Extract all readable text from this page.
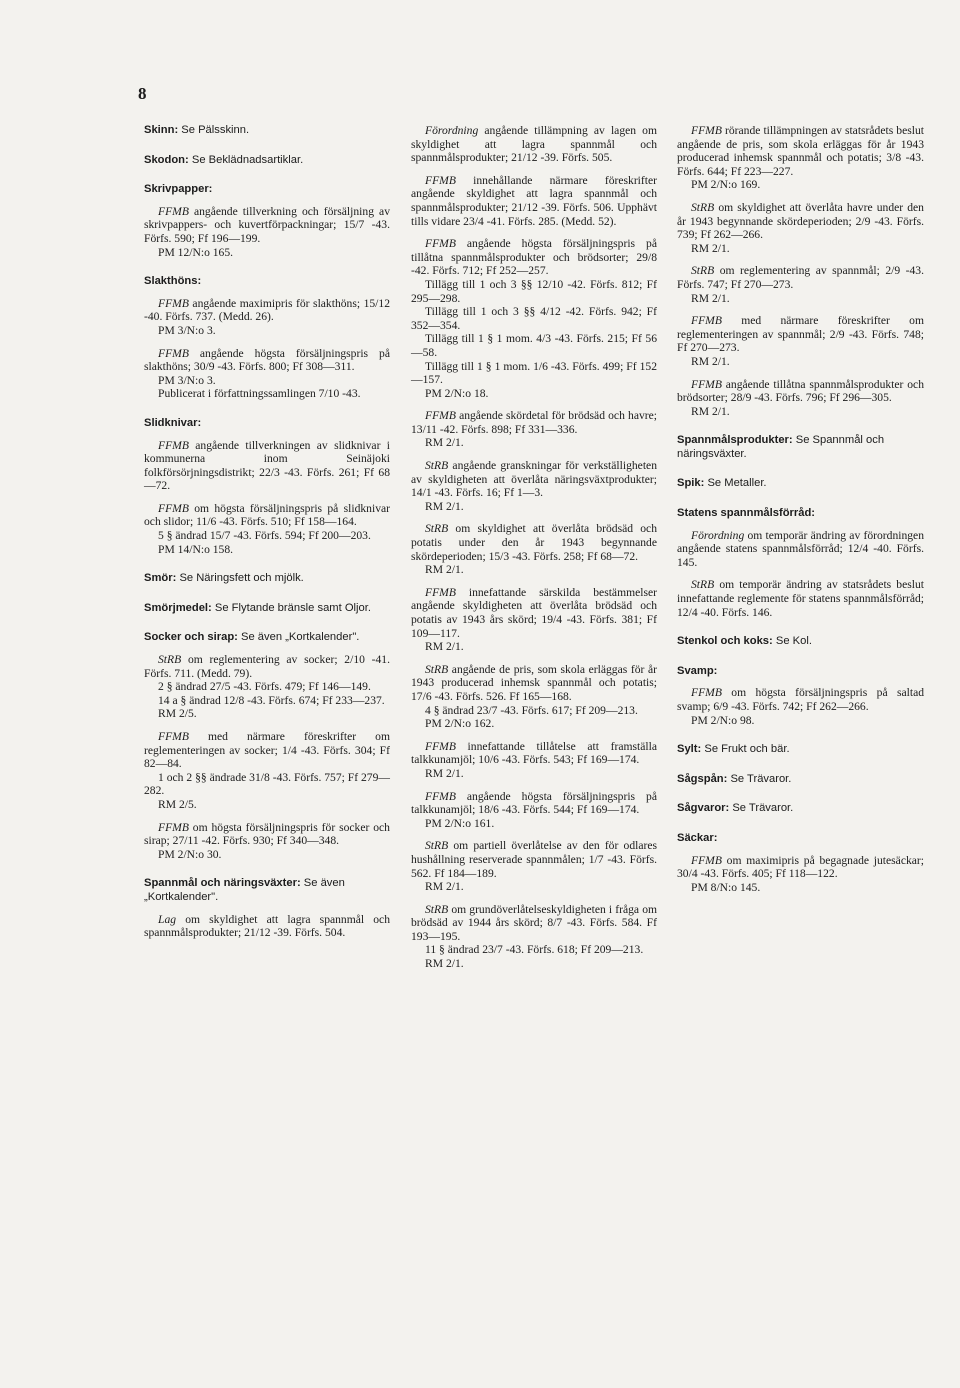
8
Skinn: Se Pälsskinn.
Skodon: Se Beklädnadsartiklar.
Skrivpapper:
FFMB angående tillverkning och försäljning av skrivpappers- och kuvertförpackningar; 15/7 -43. Förfs. 590; Ff 196—199.
PM 12/N:o 165.
Slakthöns:
FFMB angående maximipris för slakthöns; 15/12 -40. Förfs. 737. (Medd. 26).
PM 3/N:o 3.
FFMB angående högsta försäljningspris på slakthöns; 30/9 -43. Förfs. 800; Ff 308—311.
PM 3/N:o 3.
Publicerat i författningssamlingen 7/10 -43.
Slidknivar:
FFMB angående tillverkningen av slidknivar i kommunerna inom Seinäjoki folkförsörjningsdistrikt; 22/3 -43. Förfs. 261; Ff 68—72.
FFMB om högsta försäljningspris på slidknivar och slidor; 11/6 -43. Förfs. 510; Ff 158—164.
5 § ändrad 15/7 -43. Förfs. 594; Ff 200—203.
PM 14/N:o 158.
Smör: Se Näringsfett och mjölk.
Smörjmedel: Se Flytande bränsle samt Oljor.
Socker och sirap: Se även „Kortkalender".
StRB om reglementering av socker; 2/10 -41. Förfs. 711. (Medd. 79).
2 § ändrad 27/5 -43. Förfs. 479; Ff 146—149.
14 a § ändrad 12/8 -43. Förfs. 674; Ff 233—237.
RM 2/5.
FFMB med närmare föreskrifter om reglementeringen av socker; 1/4 -43. Förfs. 304; Ff 82—84.
1 och 2 §§ ändrade 31/8 -43. Förfs. 757; Ff 279—282.
RM 2/5.
FFMB om högsta försäljningspris för socker och sirap; 27/11 -42. Förfs. 930; Ff 340—348.
PM 2/N:o 30.
Spannmål och näringsväxter: Se även „Kortkalender".
Lag om skyldighet att lagra spannmål och spannmålsprodukter; 21/12 -39. Förfs. 504.
Förordning angående tillämpning av lagen om skyldighet att lagra spannmål och spannmålsprodukter; 21/12 -39. Förfs. 505.
FFMB innehållande närmare föreskrifter angående skyldighet att lagra spannmål och spannmålsprodukter; 21/12 -39. Förfs. 506. Upphävt tills vidare 23/4 -41. Förfs. 285. (Medd. 52).
FFMB angående högsta försäljningspris på tillåtna spannmålsprodukter och brödsorter; 29/8 -42. Förfs. 712; Ff 252—257.
Tillägg till 1 och 3 §§ 12/10 -42. Förfs. 812; Ff 295—298.
Tillägg till 1 och 3 §§ 4/12 -42. Förfs. 942; Ff 352—354.
Tillägg till 1 § 1 mom. 4/3 -43. Förfs. 215; Ff 56—58.
Tillägg till 1 § 1 mom. 1/6 -43. Förfs. 499; Ff 152—157.
PM 2/N:o 18.
FFMB angående skördetal för brödsäd och havre; 13/11 -42. Förfs. 898; Ff 331—336.
RM 2/1.
StRB angående granskningar för verkställigheten av skyldigheten att överlåta näringsväxtprodukter; 14/1 -43. Förfs. 16; Ff 1—3.
RM 2/1.
StRB om skyldighet att överlåta brödsäd och potatis under den år 1943 begynnande skördeperioden; 15/3 -43. Förfs. 258; Ff 68—72.
RM 2/1.
FFMB innefattande särskilda bestämmelser angående skyldigheten att överlåta brödsäd och potatis av 1943 års skörd; 19/4 -43. Förfs. 381; Ff 109—117.
RM 2/1.
StRB angående de pris, som skola erläggas för år 1943 producerad inhemsk spannmål och potatis; 17/6 -43. Förfs. 526. Ff 165—168.
4 § ändrad 23/7 -43. Förfs. 617; Ff 209—213.
PM 2/N:o 162.
FFMB innefattande tillåtelse att framställa talkkunamjöl; 10/6 -43. Förfs. 543; Ff 169—174.
RM 2/1.
FFMB angående högsta försäljningspris på talkkunamjöl; 18/6 -43. Förfs. 544; Ff 169—174.
PM 2/N:o 161.
StRB om partiell överlåtelse av den för odlares hushållning reserverade spannmålen; 1/7 -43. Förfs. 562. Ff 184—189.
RM 2/1.
StRB om grundöverlåtelseskyldigheten i fråga om brödsäd av 1944 års skörd; 8/7 -43. Förfs. 584. Ff 193—195.
11 § ändrad 23/7 -43. Förfs. 618; Ff 209—213.
RM 2/1.
FFMB rörande tillämpningen av statsrådets beslut angående de pris, som skola erläggas för år 1943 producerad inhemsk spannmål och potatis; 3/8 -43. Förfs. 644; Ff 223—227.
PM 2/N:o 169.
StRB om skyldighet att överlåta havre under den år 1943 begynnande skördeperioden; 2/9 -43. Förfs. 739; Ff 262—266.
RM 2/1.
StRB om reglementering av spannmål; 2/9 -43. Förfs. 747; Ff 270—273.
RM 2/1.
FFMB med närmare föreskrifter om reglementeringen av spannmål; 2/9 -43. Förfs. 748; Ff 270—273.
RM 2/1.
FFMB angående tillåtna spannmålsprodukter och brödsorter; 28/9 -43. Förfs. 796; Ff 296—305.
RM 2/1.
Spannmålsprodukter: Se Spannmål och näringsväxter.
Spik: Se Metaller.
Statens spannmålsförråd:
Förordning om temporär ändring av förordningen angående statens spannmålsförråd; 12/4 -40. Förfs. 145.
StRB om temporär ändring av statsrådets beslut innefattande reglemente för statens spannmålsförråd; 12/4 -40. Förfs. 146.
Stenkol och koks: Se Kol.
Svamp:
FFMB om högsta försäljningspris på saltad svamp; 6/9 -43. Förfs. 742; Ff 262—266.
PM 2/N:o 98.
Sylt: Se Frukt och bär.
Sågspån: Se Trävaror.
Sågvaror: Se Trävaror.
Säckar:
FFMB om maximipris på begagnade jutesäckar; 30/4 -43. Förfs. 405; Ff 118—122.
PM 8/N:o 145.
